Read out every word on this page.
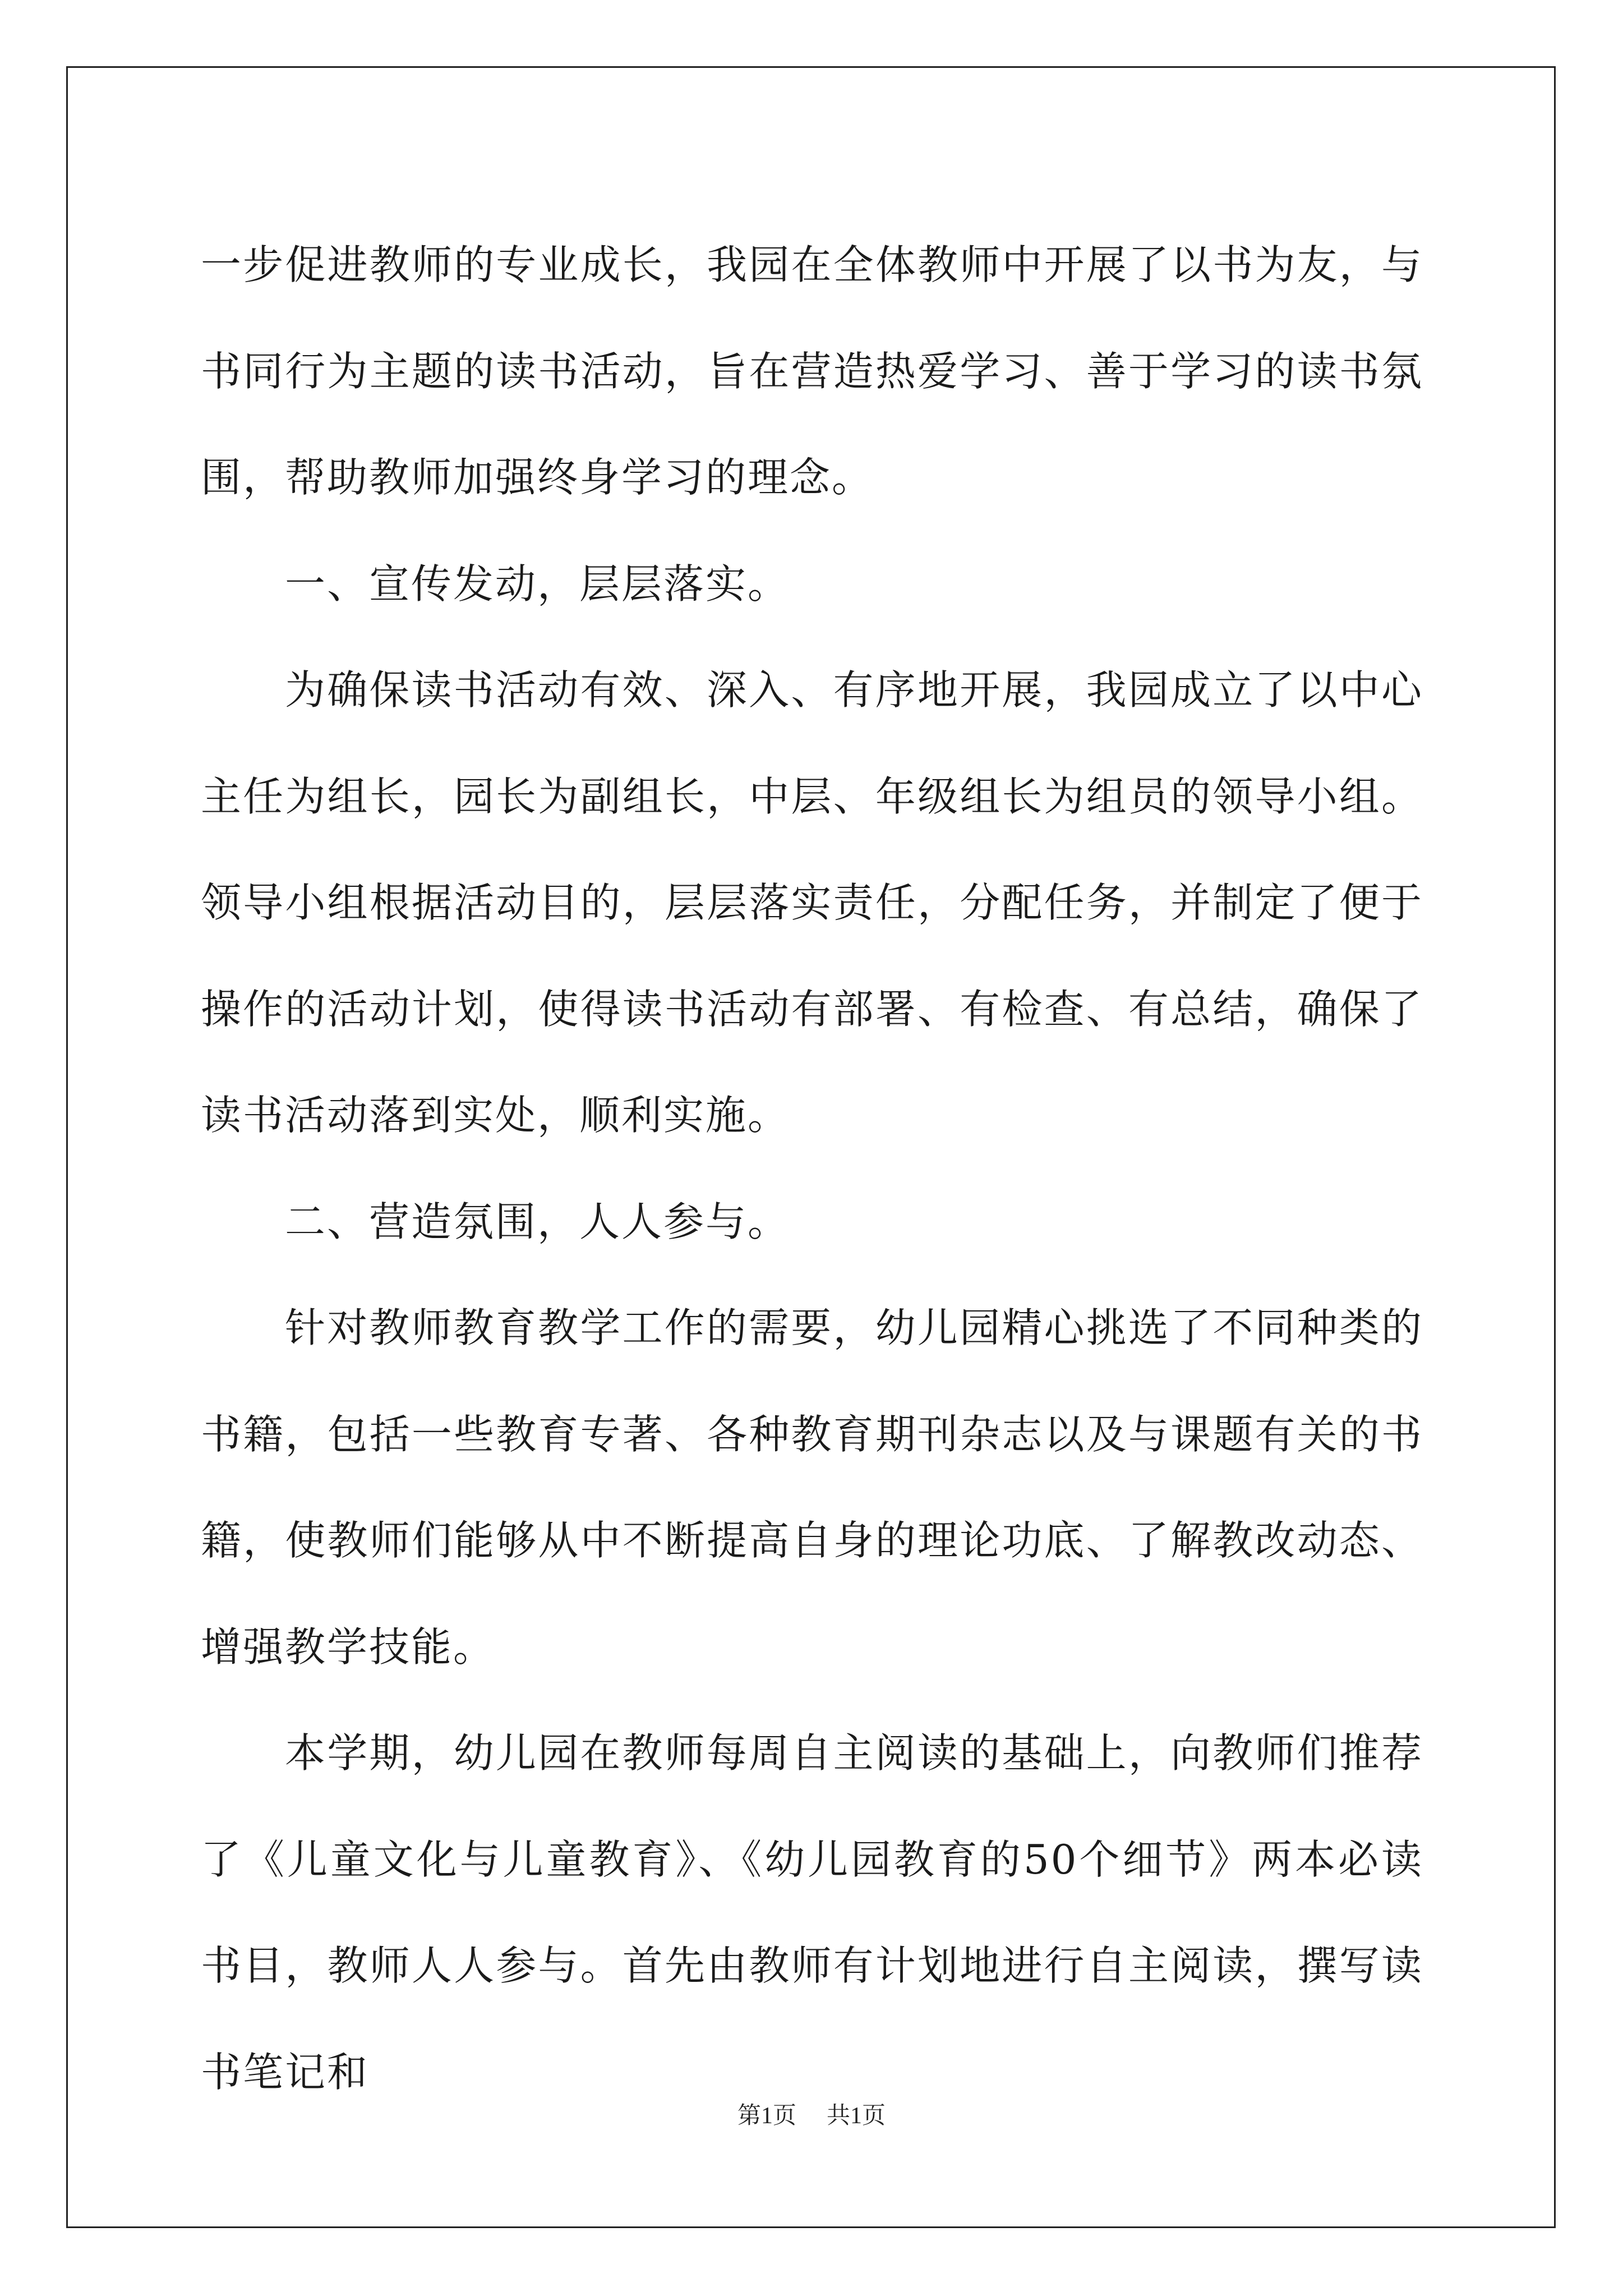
一步促进教师的专业成长，我园在全体教师中开展了以书为友，与书同行为主题的读书活动，旨在营造热爱学习、善于学习的读书氛围，帮助教师加强终身学习的理念。

一、宣传发动，层层落实。

为确保读书活动有效、深入、有序地开展，我园成立了以中心主任为组长，园长为副组长，中层、年级组长为组员的领导小组。领导小组根据活动目的，层层落实责任，分配任务，并制定了便于操作的活动计划，使得读书活动有部署、有检查、有总结，确保了读书活动落到实处，顺利实施。

二、营造氛围，人人参与。

针对教师教育教学工作的需要，幼儿园精心挑选了不同种类的书籍，包括一些教育专著、各种教育期刊杂志以及与课题有关的书籍，使教师们能够从中不断提高自身的理论功底、了解教改动态、增强教学技能。

本学期，幼儿园在教师每周自主阅读的基础上，向教师们推荐了《儿童文化与儿童教育》、《幼儿园教育的50个细节》两本必读书目，教师人人参与。首先由教师有计划地进行自主阅读，撰写读书笔记和

第1页 共1页
